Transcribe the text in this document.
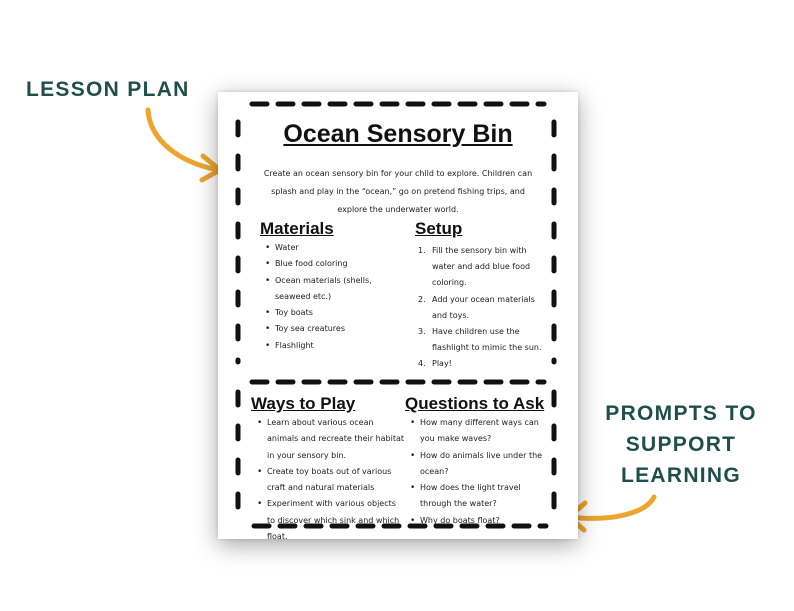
LESSON PLAN
PROMPTS TO
SUPPORT
LEARNING
Ocean Sensory Bin

Create an ocean sensory bin for your child to explore. Children can splash and play in the “ocean,” go on pretend fishing trips, and explore the underwater world.

Materials
• Water
• Blue food coloring
• Ocean materials (shells, seaweed etc.)
• Toy boats
• Toy sea creatures
• Flashlight
Setup
1. Fill the sensory bin with water and add blue food coloring.
2. Add your ocean materials and toys.
3. Have children use the flashlight to mimic the sun.
4. Play!
Ways to Play
• Learn about various ocean animals and recreate their habitat in your sensory bin.
• Create toy boats out of various craft and natural materials
• Experiment with various objects to discover which sink and which float.
Questions to Ask
• How many different ways can you make waves?
• How do animals live under the ocean?
• How does the light travel through the water?
• Why do boats float?
